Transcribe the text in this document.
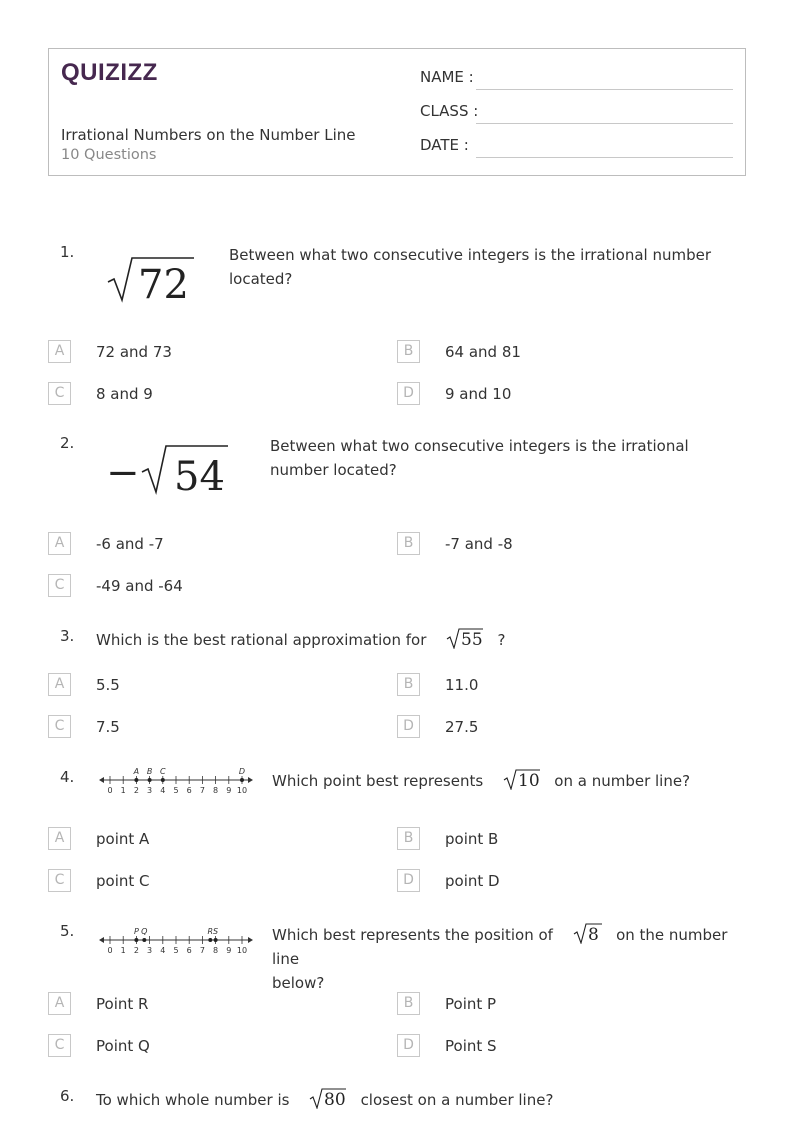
QUIZIZZ
Irrational Numbers on the Number Line
10 Questions
NAME :
CLASS :
DATE :
1.
72
Between what two consecutive integers is the irrational number located?
A	72 and 73	B	64 and 81
C	8 and 9	D	9 and 10
2.
− 54
Between what two consecutive integers is the irrational number located?
A	-6 and -7	B	-7 and -8
C	-49 and -64
3. Which is the best rational approximation for 55 ?
A	5.5	B	11.0
C	7.5	D	27.5
4.
0 1 2 3 4 5 6 7 8 9 10
A B C	D
Which point best represents 10 on a number line?
A	point A	B	point B
C	point C	D	point D
5.
0 1 2 3 4 5 6 7 8 9 10
P Q	R S	Which best represents the position of 8 on the number line
below?
A	Point R	B	Point P
C	Point Q	D	Point S
6. To which whole number is 80 closest on a number line?
